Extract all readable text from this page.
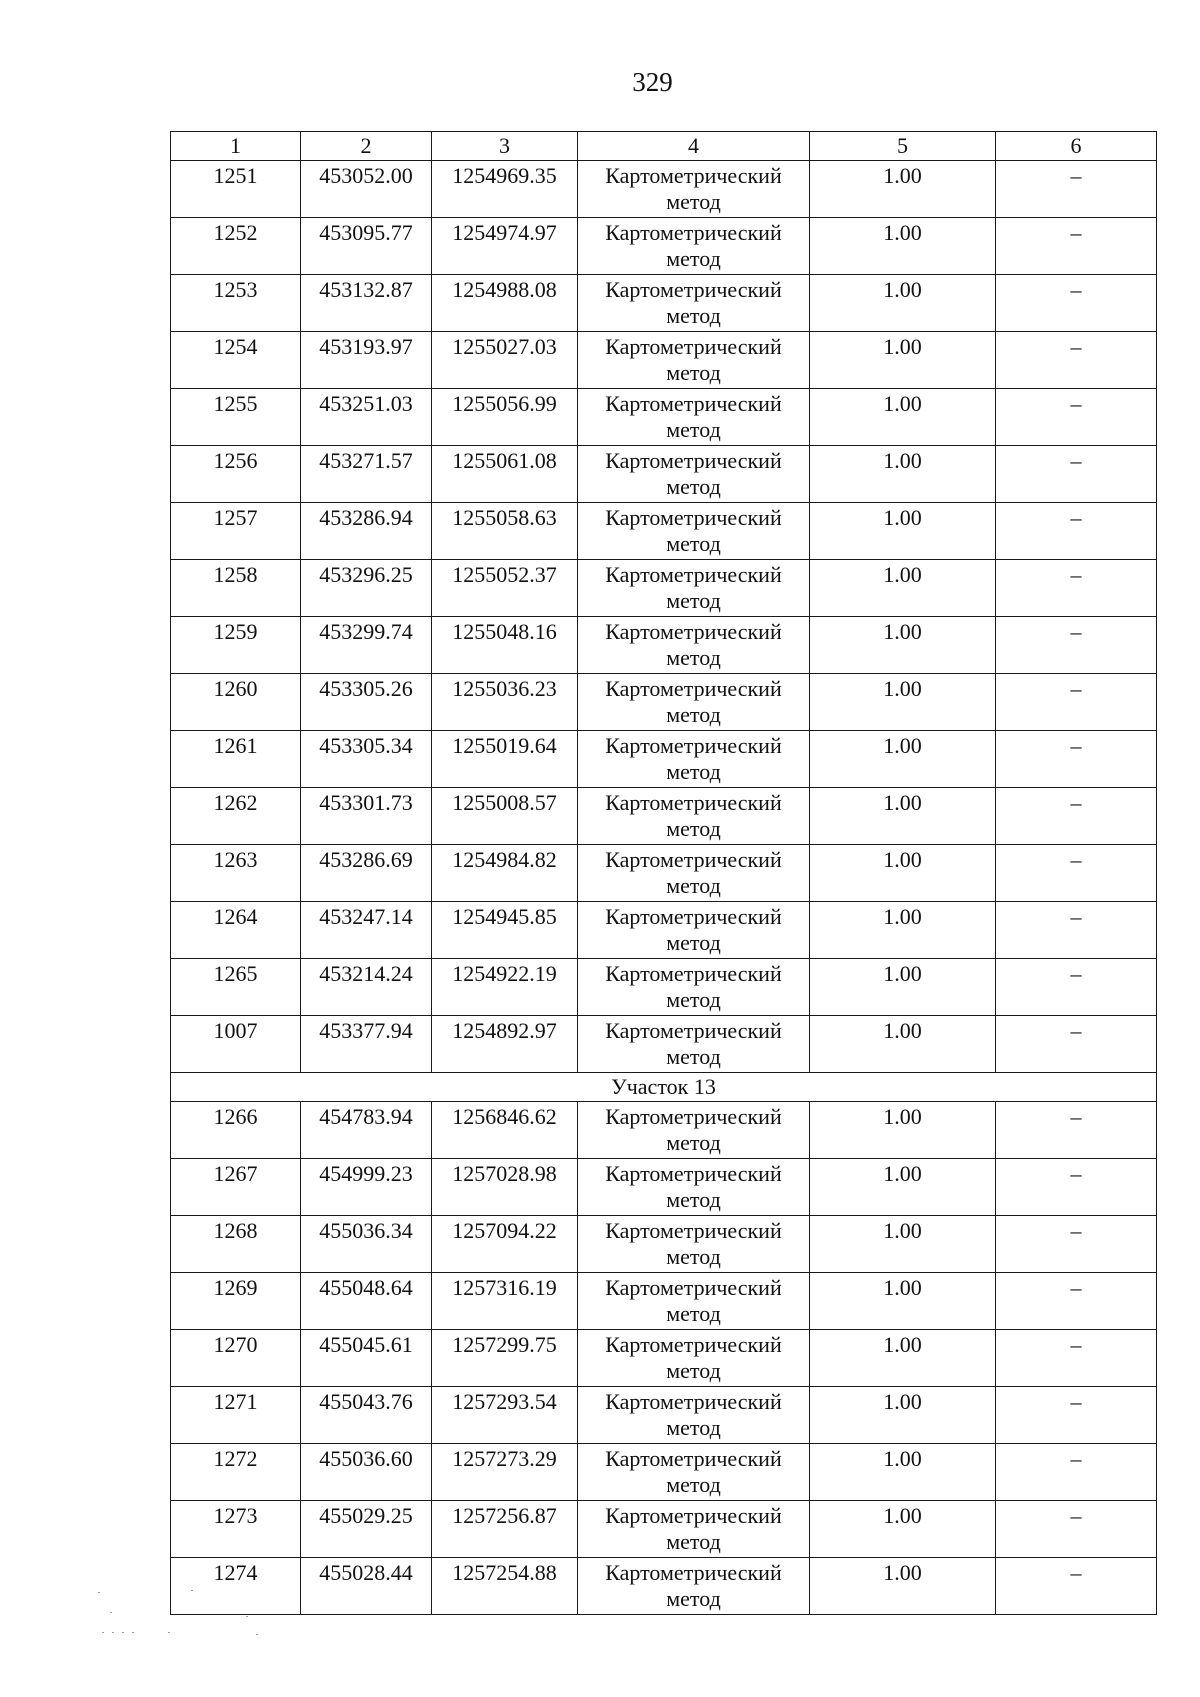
329
1	2	3	4	5	6
1251	453052.00	1254969.35	Картометрический метод	1.00	–
1252	453095.77	1254974.97	Картометрический метод	1.00	–
1253	453132.87	1254988.08	Картометрический метод	1.00	–
1254	453193.97	1255027.03	Картометрический метод	1.00	–
1255	453251.03	1255056.99	Картометрический метод	1.00	–
1256	453271.57	1255061.08	Картометрический метод	1.00	–
1257	453286.94	1255058.63	Картометрический метод	1.00	–
1258	453296.25	1255052.37	Картометрический метод	1.00	–
1259	453299.74	1255048.16	Картометрический метод	1.00	–
1260	453305.26	1255036.23	Картометрический метод	1.00	–
1261	453305.34	1255019.64	Картометрический метод	1.00	–
1262	453301.73	1255008.57	Картометрический метод	1.00	–
1263	453286.69	1254984.82	Картометрический метод	1.00	–
1264	453247.14	1254945.85	Картометрический метод	1.00	–
1265	453214.24	1254922.19	Картометрический метод	1.00	–
1007	453377.94	1254892.97	Картометрический метод	1.00	–
Участок 13					
1266	454783.94	1256846.62	Картометрический метод	1.00	–
1267	454999.23	1257028.98	Картометрический метод	1.00	–
1268	455036.34	1257094.22	Картометрический метод	1.00	–
1269	455048.64	1257316.19	Картометрический метод	1.00	–
1270	455045.61	1257299.75	Картометрический метод	1.00	–
1271	455043.76	1257293.54	Картометрический метод	1.00	–
1272	455036.60	1257273.29	Картометрический метод	1.00	–
1273	455029.25	1257256.87	Картометрический метод	1.00	–
1274	455028.44	1257254.88	Картометрический метод	1.00	–
